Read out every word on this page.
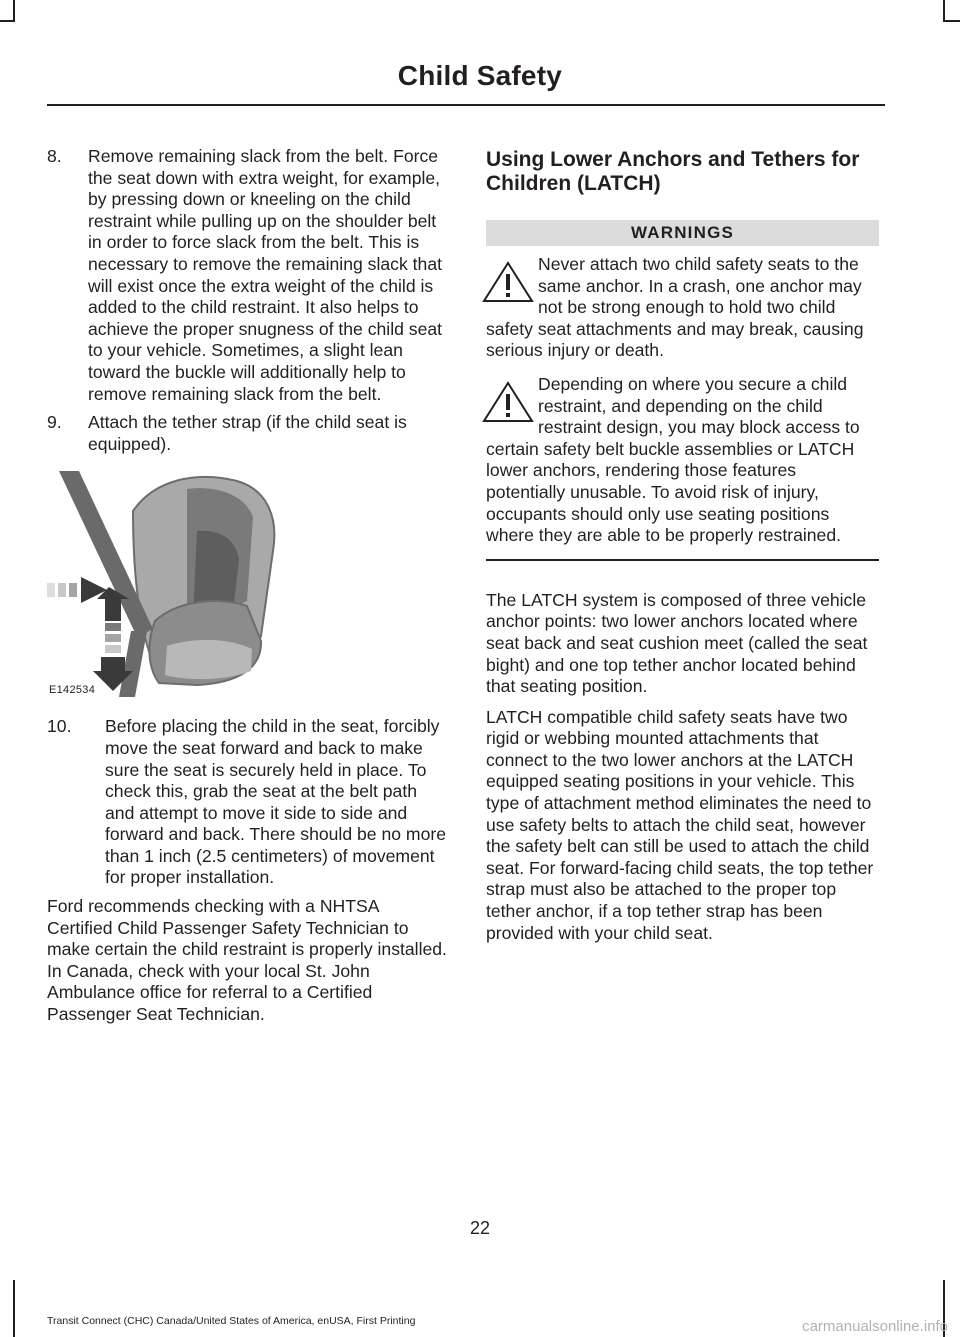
Child Safety
8. Remove remaining slack from the belt. Force the seat down with extra weight, for example, by pressing down or kneeling on the child restraint while pulling up on the shoulder belt in order to force slack from the belt. This is necessary to remove the remaining slack that will exist once the extra weight of the child is added to the child restraint. It also helps to achieve the proper snugness of the child seat to your vehicle. Sometimes, a slight lean toward the buckle will additionally help to remove remaining slack from the belt.
9. Attach the tether strap (if the child seat is equipped).
E142534
10. Before placing the child in the seat, forcibly move the seat forward and back to make sure the seat is securely held in place. To check this, grab the seat at the belt path and attempt to move it side to side and forward and back. There should be no more than 1 inch (2.5 centimeters) of movement for proper installation.

Ford recommends checking with a NHTSA Certified Child Passenger Safety Technician to make certain the child restraint is properly installed. In Canada, check with your local St. John Ambulance office for referral to a Certified Passenger Seat Technician.

Using Lower Anchors and Tethers for Children (LATCH)
WARNINGS
Never attach two child safety seats to the same anchor. In a crash, one anchor may not be strong enough to hold two child safety seat attachments and may break, causing serious injury or death.
Depending on where you secure a child restraint, and depending on the child restraint design, you may block access to certain safety belt buckle assemblies or LATCH lower anchors, rendering those features potentially unusable. To avoid risk of injury, occupants should only use seating positions where they are able to be properly restrained.

The LATCH system is composed of three vehicle anchor points: two lower anchors located where seat back and seat cushion meet (called the seat bight) and one top tether anchor located behind that seating position.

LATCH compatible child safety seats have two rigid or webbing mounted attachments that connect to the two lower anchors at the LATCH equipped seating positions in your vehicle. This type of attachment method eliminates the need to use safety belts to attach the child seat, however the safety belt can still be used to attach the child seat. For forward-facing child seats, the top tether strap must also be attached to the proper top tether anchor, if a top tether strap has been provided with your child seat.

22
Transit Connect (CHC) Canada/United States of America, enUSA, First Printing	carmanualsonline.info
